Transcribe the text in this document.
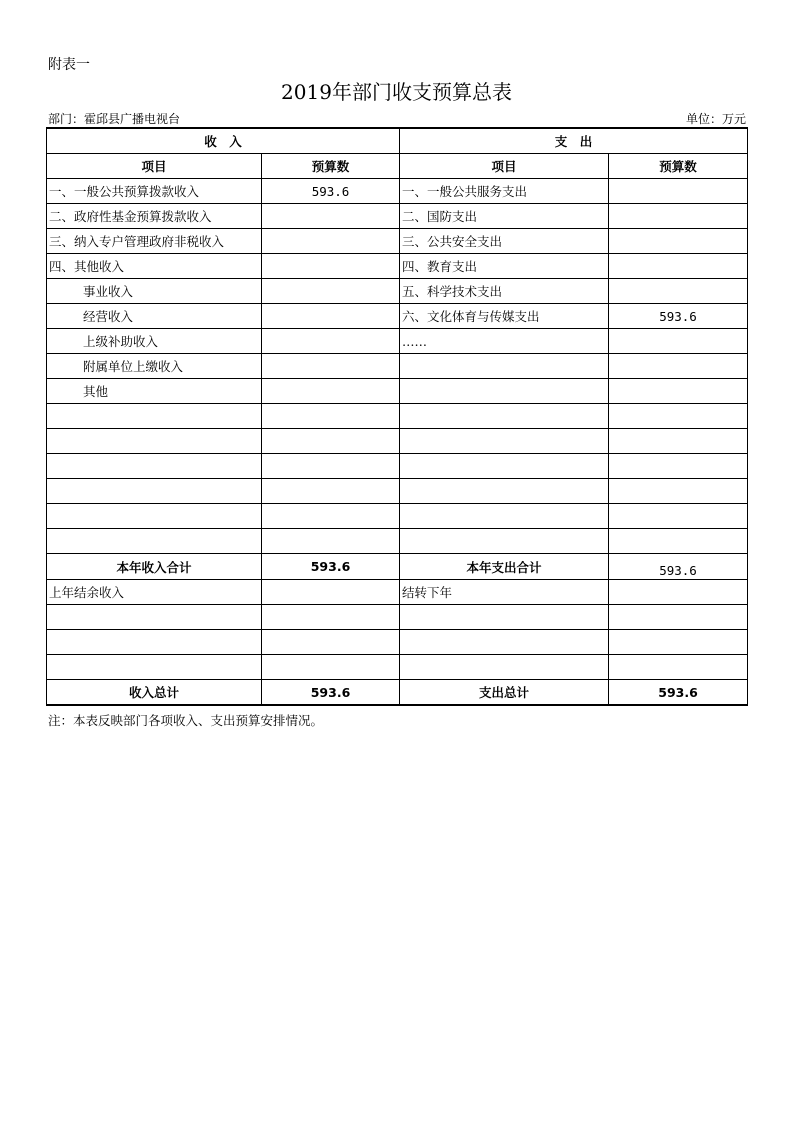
附表一
2019年部门收支预算总表
部门：霍邱县广播电视台	单位：万元
收　入		支　出	
项目	预算数	项目	预算数
一、一般公共预算拨款收入	593.6	一、一般公共服务支出	
二、政府性基金预算拨款收入		二、国防支出	
三、纳入专户管理政府非税收入		三、公共安全支出	
四、其他收入		四、教育支出	
事业收入		五、科学技术支出	
经营收入		六、文化体育与传媒支出	593.6
上级补助收入		……	
附属单位上缴收入			
其他			

本年收入合计	593.6	本年支出合计	593.6
上年结余收入		结转下年	

收入总计	593.6	支出总计	593.6
注：本表反映部门各项收入、支出预算安排情况。
